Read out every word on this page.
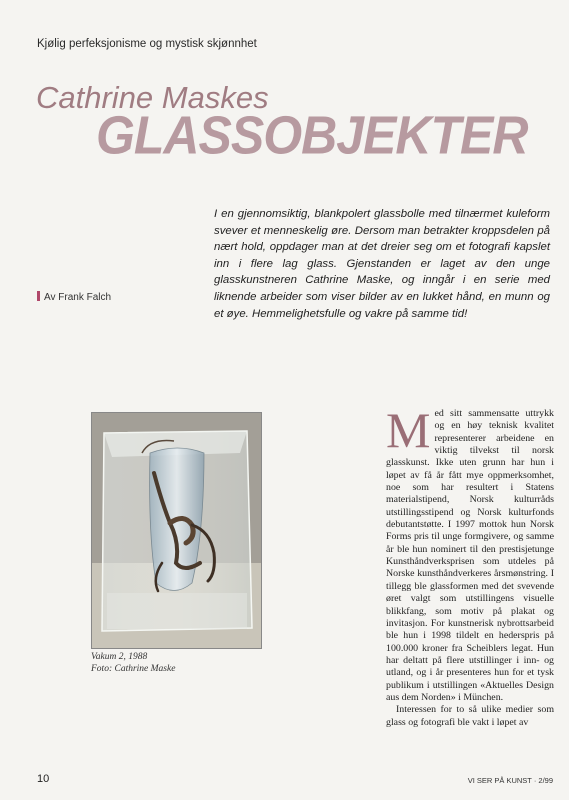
Kjølig perfeksjonisme og mystisk skjønnhet
GLASSOBJEKTER
Cathrine Maskes
I en gjennomsiktig, blankpolert glassbolle med tilnærmet kuleform svever et menneskelig øre. Dersom man betrakter kroppsdelen på nært hold, oppdager man at det dreier seg om et fotografi kapslet inn i flere lag glass. Gjenstanden er laget av den unge glasskunstneren Cathrine Maske, og inngår i en serie med liknende arbeider som viser bilder av en lukket hånd, en munn og et øye. Hemmelighetsfulle og vakre på samme tid!
Av Frank Falch
Vakum 2, 1988
Foto: Cathrine Maske

Med sitt sammensatte uttrykk og en høy teknisk kvalitet representerer arbeidene en viktig tilvekst til norsk glasskunst. Ikke uten grunn har hun i løpet av få år fått mye oppmerksomhet, noe som har resultert i Statens materialstipend, Norsk kulturråds utstillingsstipend og Norsk kulturfonds debutantstøtte. I 1997 mottok hun Norsk Forms pris til unge formgivere, og samme år ble hun nominert til den prestisjetunge Kunsthåndverksprisen som utdeles på Norske kunsthåndverkeres årsmønstring. I tillegg ble glassformen med det svevende øret valgt som utstillingens visuelle blikkfang, som motiv på plakat og invitasjon. For kunstnerisk nybrottsarbeid ble hun i 1998 tildelt en hederspris på 100.000 kroner fra Scheiblers legat. Hun har deltatt på flere utstillinger i inn- og utland, og i år presenteres hun for et tysk publikum i utstillingen «Aktuelles Design aus dem Norden» i München.

Interessen for to så ulike medier som glass og fotografi ble vakt i løpet av

10	VI SER PÅ KUNST · 2/99
